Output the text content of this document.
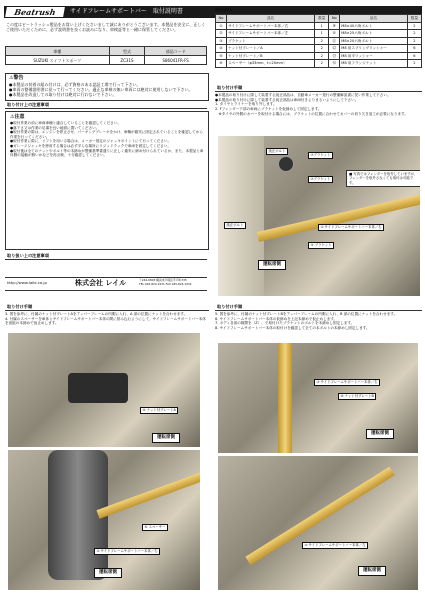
Beatrush	サイドフレームサポートバー　取付説明書
この度はビートラッシュ製品をお買い上げくださいまして誠にありがとうございます。本製品を安全に、正しくご使用いただくために、必ず説明書を良くお読みになり、車検証等と一緒に保管してください。
車種	型式	部品コード
SUZUKI スイフトスポーツ	ZC31S	S86041FR-FS
⚠警告
●本製品の装着の組み付けは、必ず資格のある認証工場で行って下さい。
●車両の整備説明書に従って行ってください。適正な車検の無い車両には絶対に使用しないで下さい。
●本製品を改造しての取り付けは絶対に行わないで下さい。
取り付け上の注意事項
⚠注意
●取付作業の前に車両車種と適合していることを確認してください。
●落下さ又は作業の足場を良い地面に置いてください。
●取付作業の際は、エンジンを停止させ、パーキングブレーキをかけ、車輌が確実に固定されていることを確認してから作業を行ってください。
●取付作業に際に、リフトを用いる場合は、メーカー指定のジャッキポイントにて行ってください。
●ガレージジャッキを使用する場合は必ず平らな場所にリジッドラックで車両を固定してください。
●取付後は全てのナットやボルト等の本締めが整備基準書通りに正しく確実に締め付けられているか、また、本製品と車体側の接触が無いかなどを再点検、十分確認してください。
取り扱い上の注意事項
http://www.laile.co.jp	株式会社 レイル	〒244-0803 横浜市戸塚区平戸町335
TEL.045-824-1931 FAX.045-824-1932
構成部品
No	品名	数量	No	品名	数量
①	サイドフレームサポートバー本体／右	1	⑨	M8×40六角ボルト	2
②	サイドフレームサポートバー本体／左	1	⑩	M8×25六角ボルト	2
③	ブラケット	2	⑪	M8×20六角ボルト	2
④	ナット付プレート／A	2	⑫	M8 用スプリングワッシャー	6
⑤	ナット付プレート／B	2	⑬	M8 用平ワッシャー	6
⑥	スペーサー（φ33mm、t=20mm）	2	⑭	M8 用フランジナット	2
取り付け手順
●本製品の取り付けに際して装着する純正部品は、自動車メーカー発行の整備解説書に従い作業して下さい。
●本製品の取り付けに際して装着する純正部品は車両付きよりまるいようにして下さい。
1. タイヤとライナーを取り外します。
2. Fフェンダー下部の車両にブラケットを仮締めして固定します。
　※タイヤの外側のカバーを取付ける場合には、ブラケットの位置に合わせてカバーの切り欠き加工が必要になります。
⑦ブラケット
純正ボルト
⑦ブラケット
純正ボルト
■ 写真ではフェンダーを取外していますが、フェンダーを取外さなくても取付は可能です。
① サイドフレームサポートバー本体／右
③ ブラケット
運転席側
取り付け手順
3. 図を参考に、付属のナット付プレートAをアッパーフレームの内側に入れ、A 部の位置にナットを合わせます。
4. 付属のスペーサーを車体とサイドフレームサポートバー本体の間に挟み込むようにして、サイドフレームサポートバー本体を仮組の本締めで仮止めします。
④ ナット付プレートA
運転席側
⑥ スペーサー
① サイドフレームサポートバー本体／右
運転席側
取り付け手順
5. 図を参考に、付属のナット付プレートBをアッパーフレームの内側に入れ、B 部の位置にナットを合わせます。
6. サイドフレームサポートバー本体の仮締めを上記本締めで仮止めします。
7. ボディ各部の隙間を（Z）、で取付けたブラケットのボルトを本締めし固定します。
8. サイドフレームサポートバー本体の取付けを確認して全ての本ボルトの本締めし固定します。
① サイドフレームサポートバー本体／右
⑤ ナット付プレートB
運転席側
② サイドフレームサポートバー本体／左
運転席側
